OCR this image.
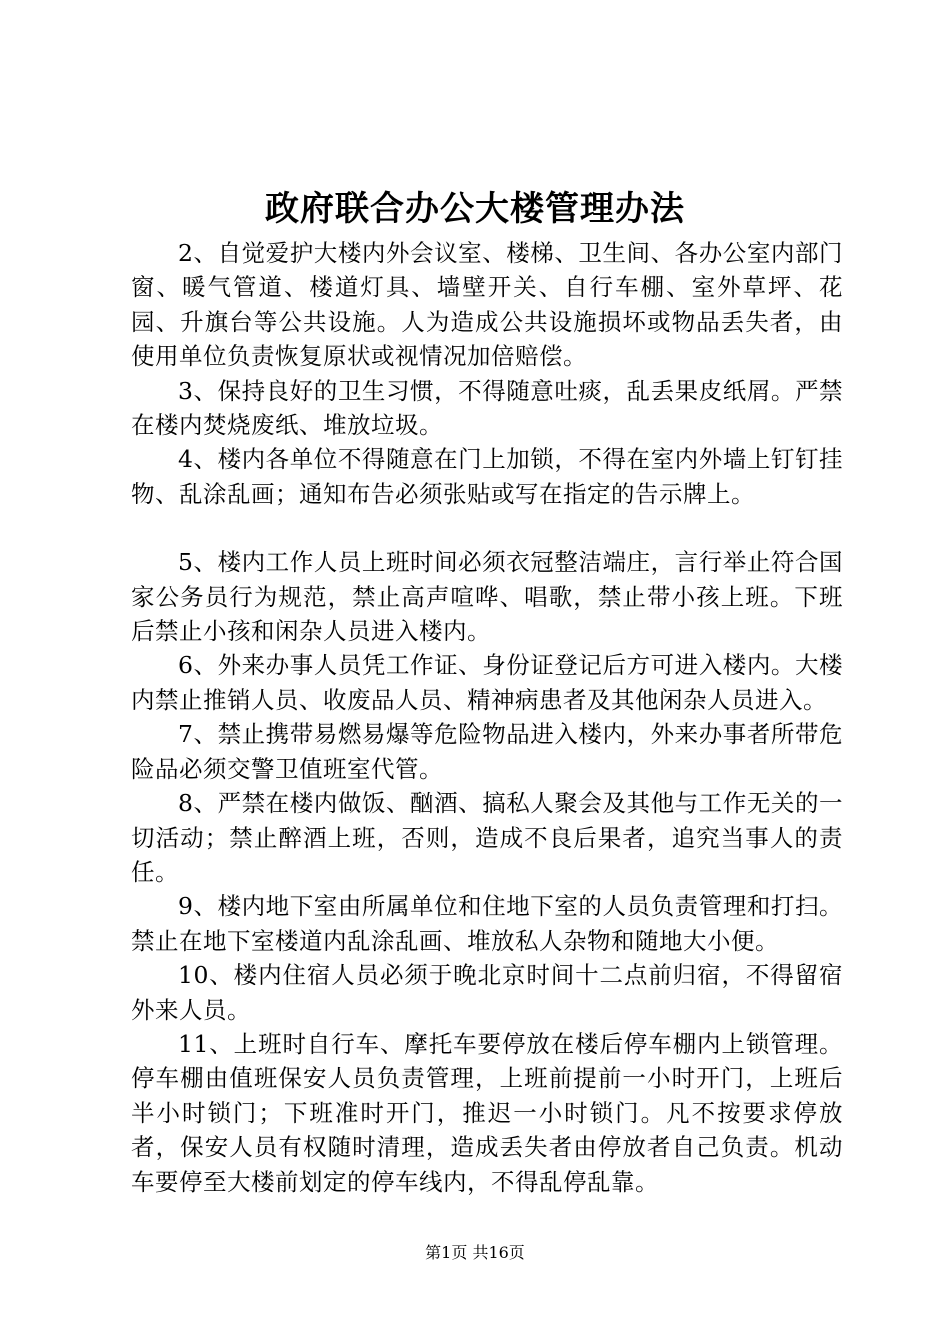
政府联合办公大楼管理办法

2、自觉爱护大楼内外会议室、楼梯、卫生间、各办公室内部门窗、暖气管道、楼道灯具、墙壁开关、自行车棚、室外草坪、花园、升旗台等公共设施。人为造成公共设施损坏或物品丢失者，由使用单位负责恢复原状或视情况加倍赔偿。

3、保持良好的卫生习惯，不得随意吐痰，乱丢果皮纸屑。严禁在楼内焚烧废纸、堆放垃圾。

4、楼内各单位不得随意在门上加锁，不得在室内外墙上钉钉挂物、乱涂乱画；通知布告必须张贴或写在指定的告示牌上。

5、楼内工作人员上班时间必须衣冠整洁端庄，言行举止符合国家公务员行为规范，禁止高声喧哗、唱歌，禁止带小孩上班。下班后禁止小孩和闲杂人员进入楼内。

6、外来办事人员凭工作证、身份证登记后方可进入楼内。大楼内禁止推销人员、收废品人员、精神病患者及其他闲杂人员进入。

7、禁止携带易燃易爆等危险物品进入楼内，外来办事者所带危险品必须交警卫值班室代管。

8、严禁在楼内做饭、酗酒、搞私人聚会及其他与工作无关的一切活动；禁止醉酒上班，否则，造成不良后果者，追究当事人的责任。

9、楼内地下室由所属单位和住地下室的人员负责管理和打扫。禁止在地下室楼道内乱涂乱画、堆放私人杂物和随地大小便。

10、楼内住宿人员必须于晚北京时间十二点前归宿，不得留宿外来人员。

11、上班时自行车、摩托车要停放在楼后停车棚内上锁管理。停车棚由值班保安人员负责管理，上班前提前一小时开门，上班后半小时锁门；下班准时开门，推迟一小时锁门。凡不按要求停放者，保安人员有权随时清理，造成丢失者由停放者自己负责。机动车要停至大楼前划定的停车线内，不得乱停乱靠。

第1页 共16页
